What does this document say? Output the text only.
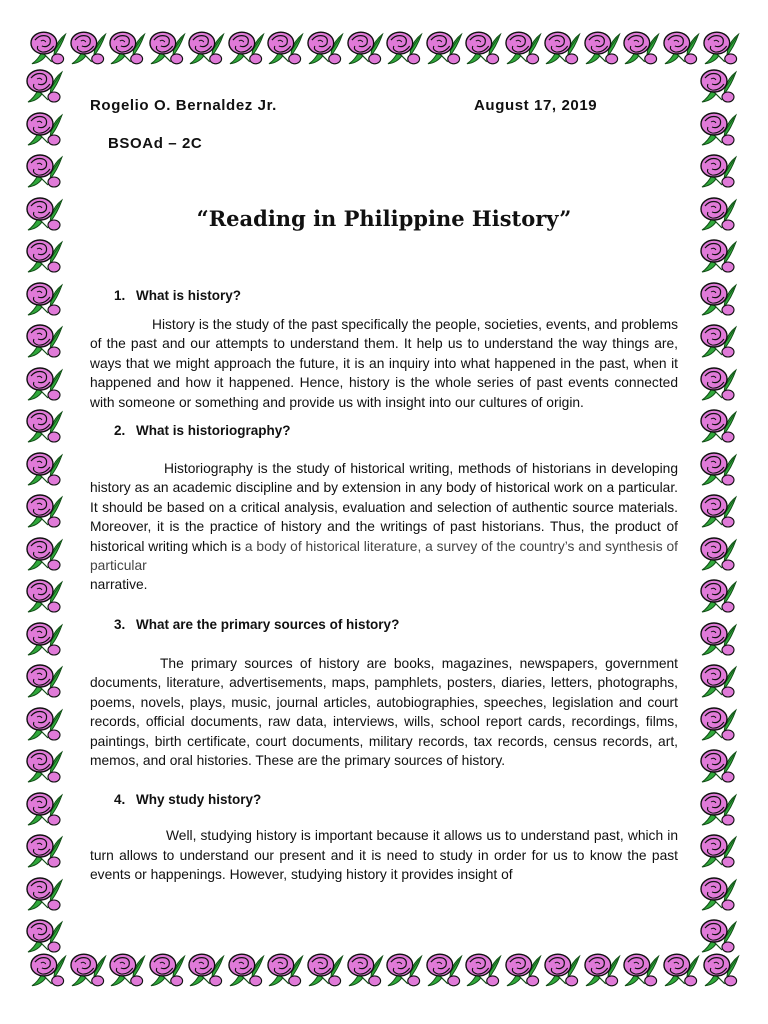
Rogelio O. Bernaldez Jr.	August 17, 2019
BSOAd – 2C
“Reading in Philippine History”
1. What is history?

History is the study of the past specifically the people, societies, events, and problems of the past and our attempts to understand them. It help us to understand the way things are, ways that we might approach the future, it is an inquiry into what happened in the past, when it happened and how it happened. Hence, history is the whole series of past events connected with someone or something and provide us with insight into our cultures of origin.

2. What is historiography?

Historiography is the study of historical writing, methods of historians in developing history as an academic discipline and by extension in any body of historical work on a particular. It should be based on a critical analysis, evaluation and selection of authentic source materials. Moreover, it is the practice of history and the writings of past historians. Thus, the product of historical writing which is a body of historical literature, a survey of the country’s and synthesis of particular
narrative.

3. What are the primary sources of history?

The primary sources of history are books, magazines, newspapers, government documents, literature, advertisements, maps, pamphlets, posters, diaries, letters, photographs, poems, novels, plays, music, journal articles, autobiographies, speeches, legislation and court records, official documents, raw data, interviews, wills, school report cards, recordings, films, paintings, birth certificate, court documents, military records, tax records, census records, art, memos, and oral histories. These are the primary sources of history.

4. Why study history?

Well, studying history is important because it allows us to understand past, which in turn allows to understand our present and it is need to study in order for us to know the past events or happenings. However, studying history it provides insight of
